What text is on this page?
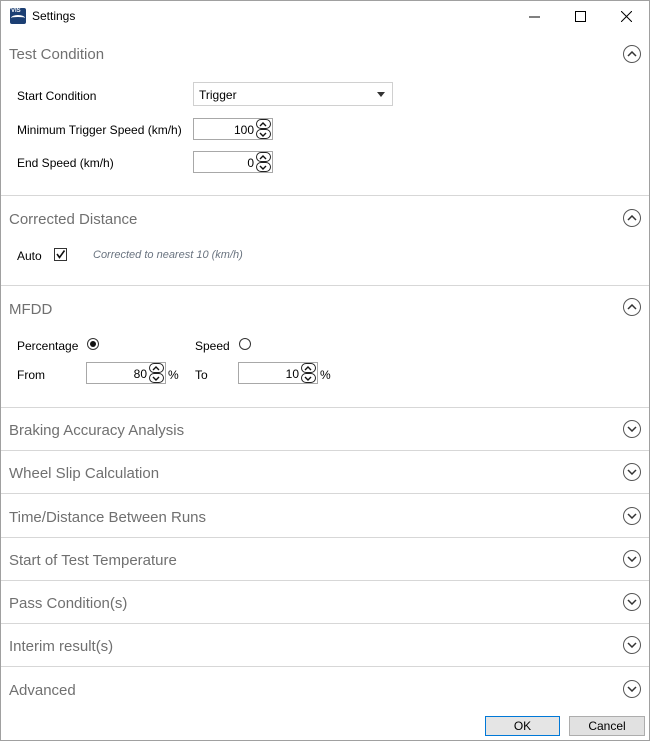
VIS Settings
Test Condition
Start Condition	Trigger
Minimum Trigger Speed (km/h)	100
End Speed (km/h)	0
Corrected Distance
Auto	Corrected to nearest 10 (km/h)
MFDD
Percentage	Speed
From	80 % To	10 %
Braking Accuracy Analysis
Wheel Slip Calculation
Time/Distance Between Runs
Start of Test Temperature
Pass Condition(s)
Interim result(s)
Advanced
OK	Cancel
